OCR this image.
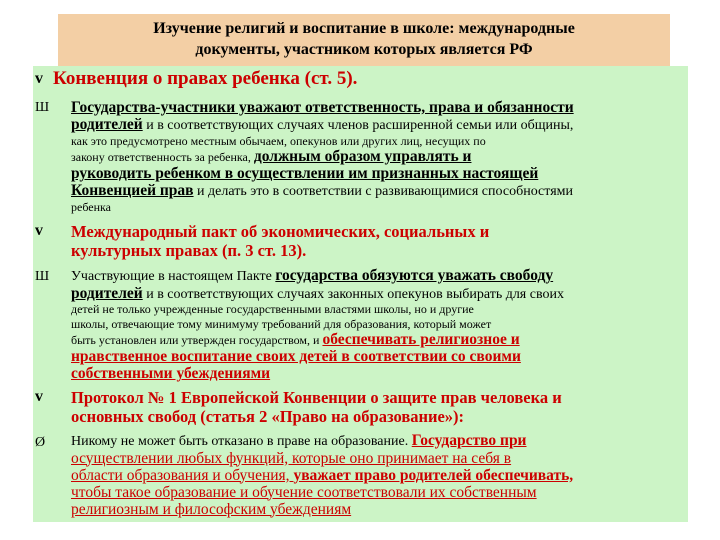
Изучение религий и воспитание в школе: международные
документы, участником которых является РФ
v Конвенция о правах ребенка (ст. 5).
Ш Государства-участники уважают ответственность, права и обязанности
родителей и в соответствующих случаях членов расширенной семьи или общины,
как это предусмотрено местным обычаем, опекунов или других лиц, несущих по
закону ответственность за ребенка, должным образом управлять и
руководить ребенком в осуществлении им признанных настоящей
Конвенцией прав и делать это в соответствии с развивающимися способностями
ребенка
v Международный пакт об экономических, социальных и
культурных правах (п. 3 ст. 13).
Ш Участвующие в настоящем Пакте государства обязуются уважать свободу
родителей и в соответствующих случаях законных опекунов выбирать для своих
детей не только учрежденные государственными властями школы, но и другие
школы, отвечающие тому минимуму требований для образования, который может
быть установлен или утвержден государством, и обеспечивать религиозное и
нравственное воспитание своих детей в соответствии со своими
собственными убеждениями
v Протокол № 1 Европейской Конвенции о защите прав человека и
основных свобод (статья 2 «Право на образование»):
Ø Никому не может быть отказано в праве на образование. Государство при
осуществлении любых функций, которые оно принимает на себя в
области образования и обучения, уважает право родителей обеспечивать,
чтобы такое образование и обучение соответствовали их собственным
религиозным и философским убеждениям
